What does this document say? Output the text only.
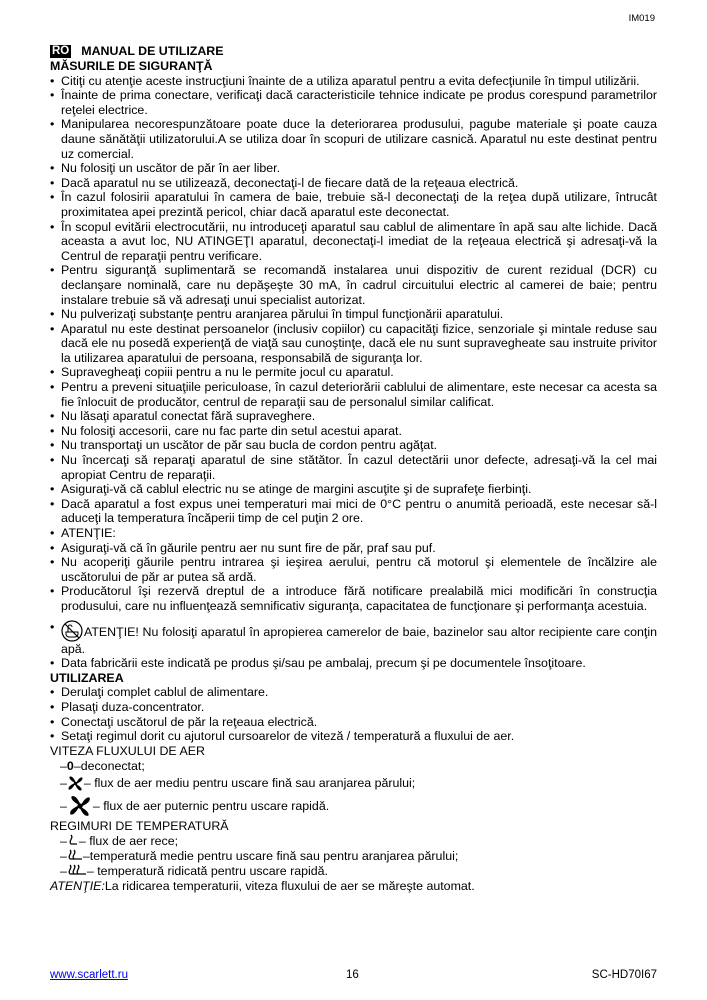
IM019
RO MANUAL DE UTILIZARE
MĂSURILE DE SIGURANŢĂ
• Citiţi cu atenţie aceste instrucţiuni înainte de a utiliza aparatul pentru a evita defecţiunile în timpul utilizării.
• Înainte de prima conectare, verificaţi dacă caracteristicile tehnice indicate pe produs corespund parametrilor reţelei electrice.
• Manipularea necorespunzătoare poate duce la deteriorarea produsului, pagube materiale şi poate cauza daune sănătăţii utilizatorului.A se utiliza doar în scopuri de utilizare casnică. Aparatul nu este destinat pentru uz comercial.
• Nu folosiţi un uscător de păr în aer liber.
• Dacă aparatul nu se utilizează, deconectaţi-l de fiecare dată de la reţeaua electrică.
• În cazul folosirii aparatului în camera de baie, trebuie să-l deconectaţi de la reţea după utilizare, întrucât proximitatea apei prezintă pericol, chiar dacă aparatul este deconectat.
• În scopul evitării electrocutării, nu introduceţi aparatul sau cablul de alimentare în apă sau alte lichide. Dacă aceasta a avut loc, NU ATINGEŢI aparatul, deconectaţi-l imediat de la reţeaua electrică şi adresaţi-vă la Centrul de reparaţii pentru verificare.
• Pentru siguranţă suplimentară se recomandă instalarea unui dispozitiv de curent rezidual (DCR) cu declanşare nominală, care nu depăşeşte 30 mA, în cadrul circuitului electric al camerei de baie; pentru instalare trebuie să vă adresaţi unui specialist autorizat.
• Nu pulverizaţi substanţe pentru aranjarea părului în timpul funcţionării aparatului.
• Aparatul nu este destinat persoanelor (inclusiv copiilor) cu capacităţi fizice, senzoriale şi mintale reduse sau dacă ele nu posedă experienţă de viaţă sau cunoştinţe, dacă ele nu sunt supravegheate sau instruite privitor la utilizarea aparatului de persoana, responsabilă de siguranţa lor.
• Supravegheaţi copiii pentru a nu le permite jocul cu aparatul.
• Pentru a preveni situaţiile periculoase, în cazul deteriorării cablului de alimentare, este necesar ca acesta sa fie înlocuit de producător, centrul de reparaţii sau de personalul similar calificat.
• Nu lăsaţi aparatul conectat fără supraveghere.
• Nu folosiţi accesorii, care nu fac parte din setul acestui aparat.
• Nu transportaţi un uscător de păr sau bucla de cordon pentru agăţat.
• Nu încercaţi să reparaţi aparatul de sine stătător. În cazul detectării unor defecte, adresaţi-vă la cel mai apropiat Centru de reparaţii.
• Asiguraţi-vă că cablul electric nu se atinge de margini ascuţite şi de suprafeţe fierbinţi.
• Dacă aparatul a fost expus unei temperaturi mai mici de 0°C pentru o anumită perioadă, este necesar să-l aduceţi la temperatura încăperii timp de cel puţin 2 ore.
• ATENŢIE:
• Asiguraţi-vă că în găurile pentru aer nu sunt fire de păr, praf sau puf.
• Nu acoperiţi găurile pentru intrarea şi ieşirea aerului, pentru că motorul şi elementele de încălzire ale uscătorului de păr ar putea să ardă.
• Producătorul îşi rezervă dreptul de a introduce fără notificare prealabilă mici modificări în construcţia produsului, care nu influenţează semnificativ siguranţa, capacitatea de funcţionare şi performanţa acestuia.
• ATENŢIE! Nu folosiţi aparatul în apropierea camerelor de baie, bazinelor sau altor recipiente care conţin apă.
• Data fabricării este indicată pe produs şi/sau pe ambalaj, precum şi pe documentele însoţitoare.
UTILIZAREA
• Derulaţi complet cablul de alimentare.
• Plasaţi duza-concentrator.
• Conectaţi uscătorul de păr la reţeaua electrică.
• Setaţi regimul dorit cu ajutorul cursoarelor de viteză / temperatură a fluxului de aer.
VITEZA FLUXULUI DE AER
– 0 –deconectat;
– – flux de aer mediu pentru uscare fină sau aranjarea părului;
– – flux de aer puternic pentru uscare rapidă.
REGIMURI DE TEMPERATURĂ
– – flux de aer rece;
– –temperatură medie pentru uscare fină sau pentru aranjarea părului;
– – temperatură ridicată pentru uscare rapidă.
ATENŢIE:La ridicarea temperaturii, viteza fluxului de aer se măreşte automat.
www.scarlett.ru	16	SC-HD70I67
